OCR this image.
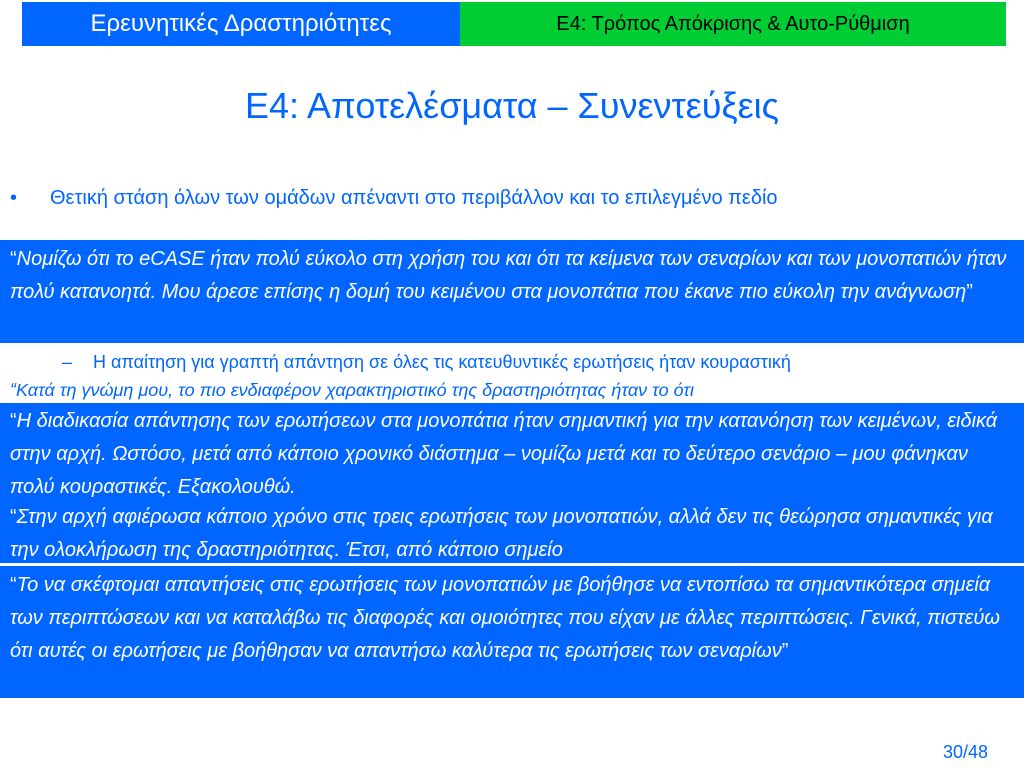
Ερευνητικές Δραστηριότητες	Ε4: Τρόπος Απόκρισης & Αυτο-Ρύθμιση
Ε4: Αποτελέσματα – Συνεντεύξεις
• Θετική στάση όλων των ομάδων απέναντι στο περιβάλλον και το επιλεγμένο πεδίο
– Η απαίτηση για γραπτή απάντηση σε όλες τις κατευθυντικές ερωτήσεις ήταν κουραστική
“Κατά τη γνώμη μου, το πιο ενδιαφέρον χαρακτηριστικό της δραστηριότητας ήταν το ότι
“Νομίζω ότι το eCASE ήταν πολύ εύκολο στη χρήση του και ότι τα κείμενα των σεναρίων και των μονοπατιών ήταν πολύ κατανοητά. Μου άρεσε επίσης η δομή του κειμένου στα μονοπάτια που έκανε πιο εύκολη την ανάγνωση”
“Η διαδικασία απάντησης των ερωτήσεων στα μονοπάτια ήταν σημαντική για την κατανόηση των κειμένων, ειδικά στην αρχή. Ωστόσο, μετά από κάποιο χρονικό διάστημα – νομίζω μετά και το δεύτερο σενάριο – μου φάνηκαν πολύ κουραστικές. Εξακολουθώ.
“Στην αρχή αφιέρωσα κάποιο χρόνο στις τρεις ερωτήσεις των μονοπατιών, αλλά δεν τις θεώρησα σημαντικές για την ολοκλήρωση της δραστηριότητας. Έτσι, από κάποιο σημείο
“Το να σκέφτομαι απαντήσεις στις ερωτήσεις των μονοπατιών με βοήθησε να εντοπίσω τα σημαντικότερα σημεία των περιπτώσεων και να καταλάβω τις διαφορές και ομοιότητες που είχαν με άλλες περιπτώσεις. Γενικά, πιστεύω ότι αυτές οι ερωτήσεις με βοήθησαν να απαντήσω καλύτερα τις ερωτήσεις των σεναρίων”
30/48
